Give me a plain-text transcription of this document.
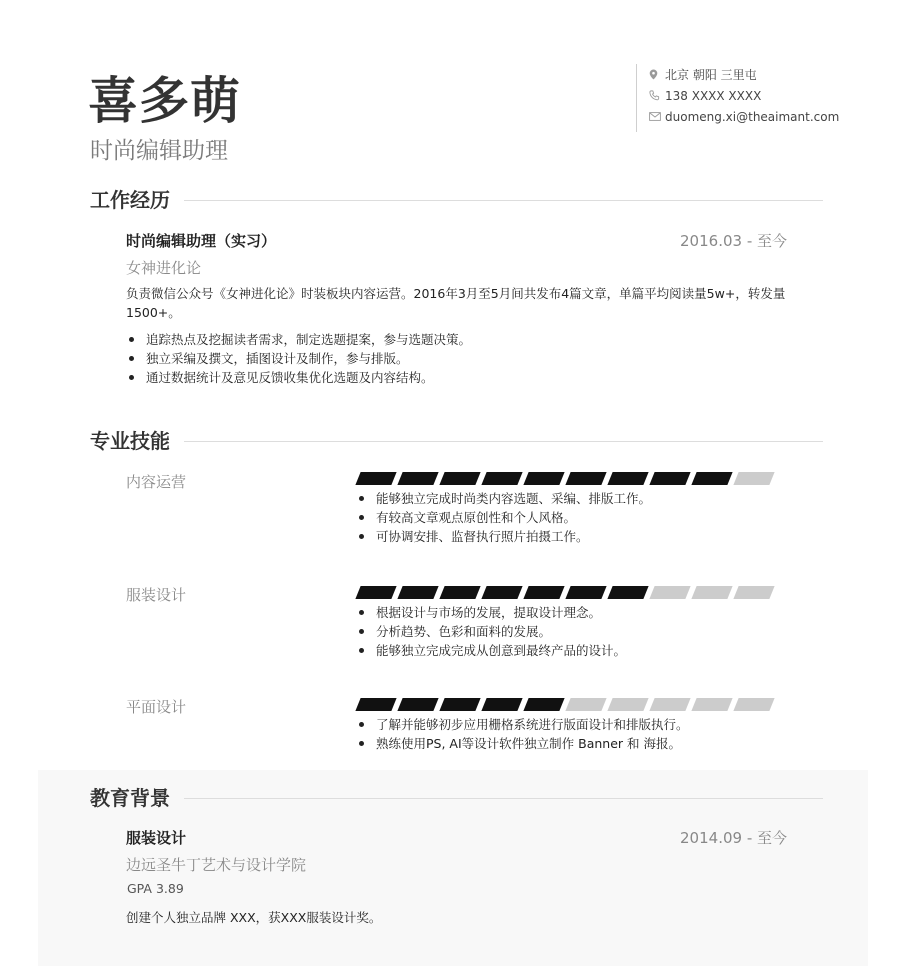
喜多萌
时尚编辑助理
北京 朝阳 三里屯
138 XXXX XXXX
duomeng.xi@theaimant.com
工作经历
时尚编辑助理（实习）	2016.03 - 至今
女神进化论
负责微信公众号《女神进化论》时装板块内容运营。2016年3月至5月间共发布4篇文章，单篇平均阅读量5w+，转发量1500+。
追踪热点及挖掘读者需求，制定选题提案，参与选题决策。
独立采编及撰文，插图设计及制作，参与排版。
通过数据统计及意见反馈收集优化选题及内容结构。
专业技能
内容运营
能够独立完成时尚类内容选题、采编、排版工作。
有较高文章观点原创性和个人风格。
可协调安排、监督执行照片拍摄工作。
服装设计
根据设计与市场的发展，提取设计理念。
分析趋势、色彩和面料的发展。
能够独立完成完成从创意到最终产品的设计。
平面设计
了解并能够初步应用栅格系统进行版面设计和排版执行。
熟练使用PS, AI等设计软件独立制作 Banner 和 海报。
教育背景
服装设计	2014.09 - 至今
边远圣牛丁艺术与设计学院
GPA 3.89
创建个人独立品牌 XXX，获XXX服装设计奖。
